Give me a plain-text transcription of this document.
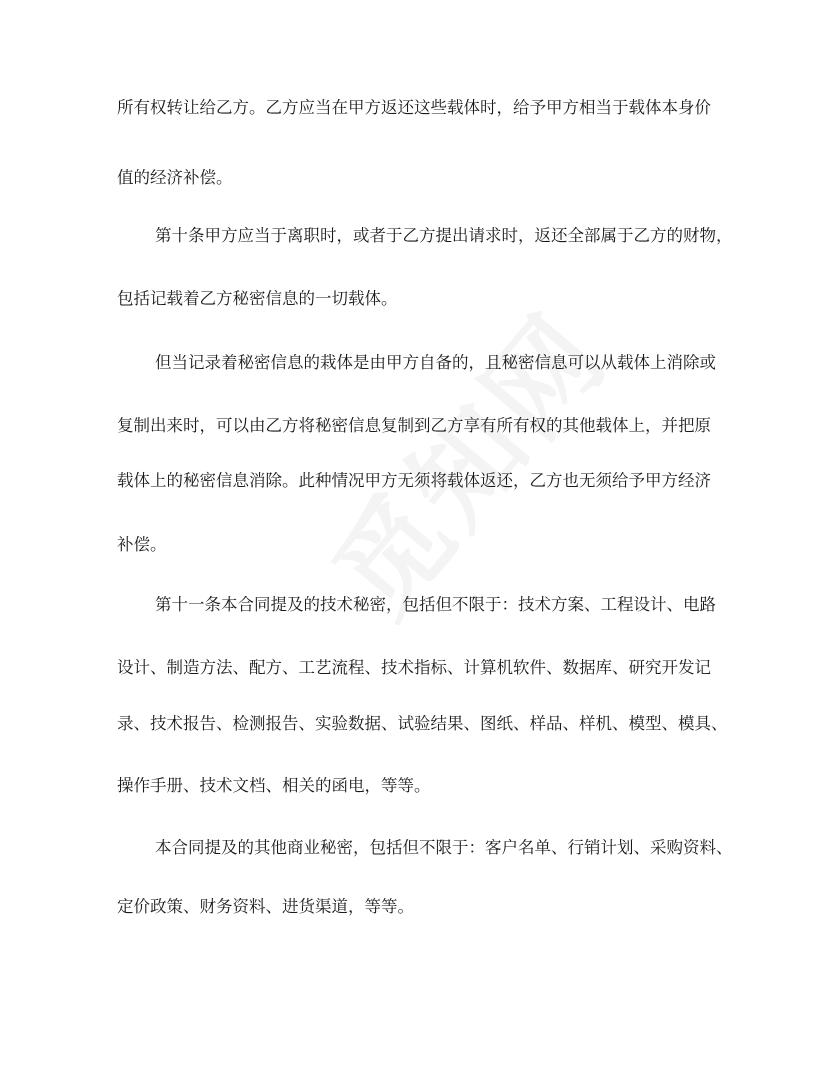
所有权转让给乙方。乙方应当在甲方返还这些载体时，给予甲方相当于载体本身价

值的经济补偿。

第十条甲方应当于离职时，或者于乙方提出请求时，返还全部属于乙方的财物，

包括记载着乙方秘密信息的一切载体。

但当记录着秘密信息的栽体是由甲方自备的，且秘密信息可以从载体上消除或

复制出来时，可以由乙方将秘密信息复制到乙方享有所有权的其他载体上，并把原

载体上的秘密信息消除。此种情况甲方无须将载体返还，乙方也无须给予甲方经济

补偿。

第十一条本合同提及的技术秘密，包括但不限于：技术方案、工程设计、电路

设计、制造方法、配方、工艺流程、技术指标、计算机软件、数据库、研究开发记

录、技术报告、检测报告、实验数据、试验结果、图纸、样品、样机、模型、模具、

操作手册、技术文档、相关的函电，等等。

本合同提及的其他商业秘密，包括但不限于：客户名单、行销计划、采购资料、

定价政策、财务资料、进货渠道，等等。
